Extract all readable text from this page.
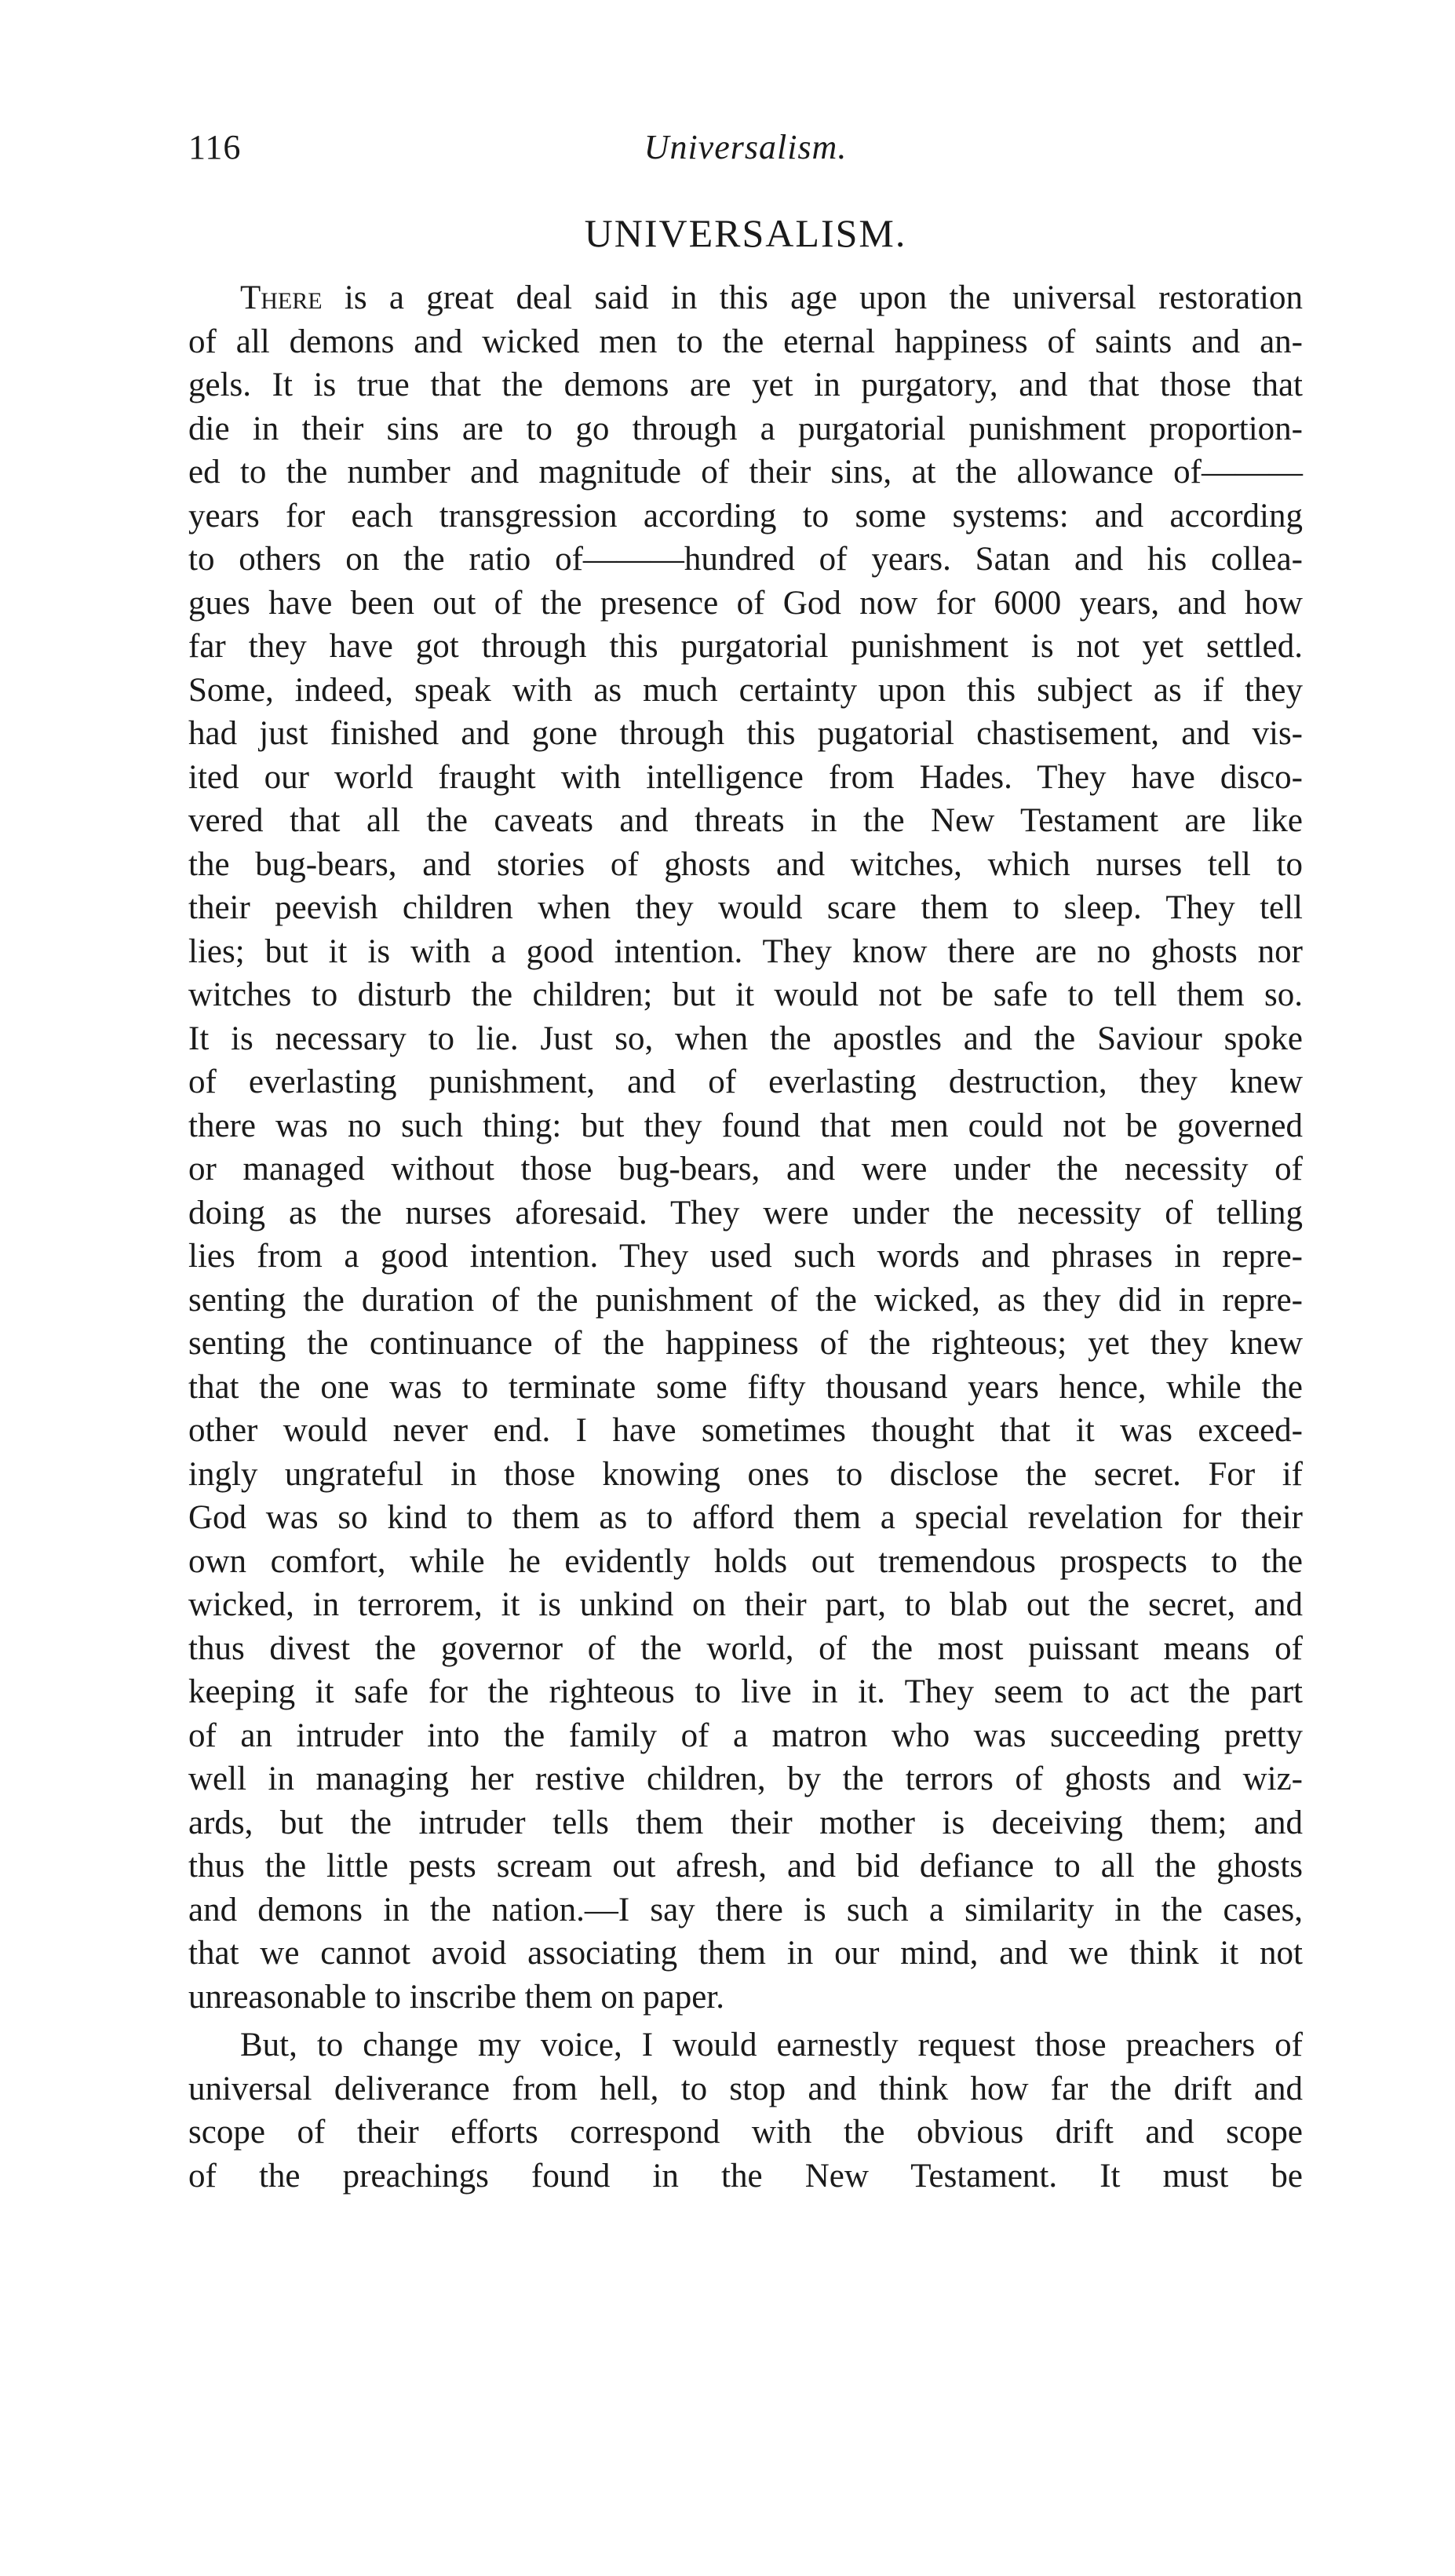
116	Universalism.
UNIVERSALISM.
There is a great deal said in this age upon the universal restoration
of all demons and wicked men to the eternal happiness of saints and an-
gels. It is true that the demons are yet in purgatory, and that those that
die in their sins are to go through a purgatorial punishment proportion-
ed to the number and magnitude of their sins, at the allowance of———
years for each transgression according to some systems: and according
to others on the ratio of———hundred of years. Satan and his collea-
gues have been out of the presence of God now for 6000 years, and how
far they have got through this purgatorial punishment is not yet settled.
Some, indeed, speak with as much certainty upon this subject as if they
had just finished and gone through this pugatorial chastisement, and vis-
ited our world fraught with intelligence from Hades. They have disco-
vered that all the caveats and threats in the New Testament are like
the bug-bears, and stories of ghosts and witches, which nurses tell to
their peevish children when they would scare them to sleep. They tell
lies; but it is with a good intention. They know there are no ghosts nor
witches to disturb the children; but it would not be safe to tell them so.
It is necessary to lie. Just so, when the apostles and the Saviour spoke
of everlasting punishment, and of everlasting destruction, they knew
there was no such thing: but they found that men could not be governed
or managed without those bug-bears, and were under the necessity of
doing as the nurses aforesaid. They were under the necessity of telling
lies from a good intention. They used such words and phrases in repre-
senting the duration of the punishment of the wicked, as they did in repre-
senting the continuance of the happiness of the righteous; yet they knew
that the one was to terminate some fifty thousand years hence, while the
other would never end. I have sometimes thought that it was exceed-
ingly ungrateful in those knowing ones to disclose the secret. For if
God was so kind to them as to afford them a special revelation for their
own comfort, while he evidently holds out tremendous prospects to the
wicked, in terrorem, it is unkind on their part, to blab out the secret, and
thus divest the governor of the world, of the most puissant means of
keeping it safe for the righteous to live in it. They seem to act the part
of an intruder into the family of a matron who was succeeding pretty
well in managing her restive children, by the terrors of ghosts and wiz-
ards, but the intruder tells them their mother is deceiving them; and
thus the little pests scream out afresh, and bid defiance to all the ghosts
and demons in the nation.—I say there is such a similarity in the cases,
that we cannot avoid associating them in our mind, and we think it not
unreasonable to inscribe them on paper.
But, to change my voice, I would earnestly request those preachers of
universal deliverance from hell, to stop and think how far the drift and
scope of their efforts correspond with the obvious drift and scope
of the preachings found in the New Testament. It must be
